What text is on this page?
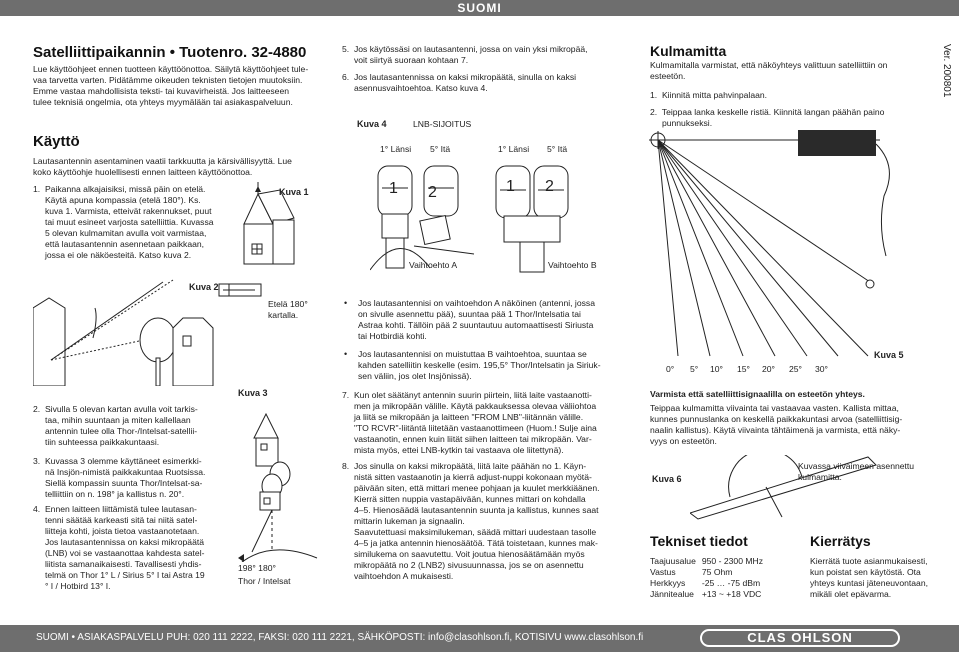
SUOMI
Satelliittipaikannin • Tuotenro. 32-4880
Lue käyttöohjeet ennen tuotteen käyttöönottoa. Säilytä käyttöohjeet tule-
vaa tarvetta varten. Pidätämme oikeuden teknisten tietojen muutoksiin.
Emme vastaa mahdollisista teksti- tai kuvavirheistä. Jos laitteeseen
tulee teknisiä ongelmia, ota yhteys myymälään tai asiakaspalveluun.
Käyttö
Lautasantennin asentaminen vaatii tarkkuutta ja kärsivällisyyttä. Lue
koko käyttöohje huolellisesti ennen laitteen käyttöönottoa.
1.  Paikanna alkajaisiksi, missä päin on etelä.
Käytä apuna kompassia (etelä 180°). Ks.
kuva 1. Varmista, etteivät rakennukset, puut
tai muut esineet varjosta satelliittia. Kuvassa
5 olevan kulmamitan avulla voit varmistaa,
että lautasantennin asennetaan paikkaan,
jossa ei ole näköesteitä. Katso kuva 2.
Kuva 1
Kuva 2
Etelä 180°
kartalla.
2.  Sivulla 5 olevan kartan avulla voit tarkis-
taa, mihin suuntaan ja miten kallellaan
antennin tulee olla Thor-/Intelsat-satellii-
tiin suhteessa paikkakuntaasi.
3.  Kuvassa 3 olemme käyttäneet esimerkki-
nä Insjön-nimistä paikkakuntaa Ruotsissa.
Siellä kompassin suunta Thor/Intelsat-sa-
telliittiin on n. 198° ja kallistus n. 20°.
4.  Ennen laitteen liittämistä tulee lautasan-
tenni säätää karkeasti sitä tai niitä satel-
liitteja kohti, joista tietoa vastaanotetaan.
Jos lautasantennissa on kaksi mikropäätä
(LNB) voi se vastaanottaa kahdesta satel-
liitista samanaikaisesti. Tavallisesti yhdis-
telmä on Thor 1° L / Sirius 5° I tai Astra 19
° I / Hotbird 13° I.
Kuva 3
198° 180°
Thor / Intelsat
5.  Jos käytössäsi on lautasantenni, jossa on vain yksi mikropää,
voit siirtyä suoraan kohtaan 7.
6.  Jos lautasantennissa on kaksi mikropäätä, sinulla on kaksi
asennusvaihtoehtoa. Katso kuva 4.
Kuva 4	LNB-SIJOITUS
1° Länsi 5° Itä	1° Länsi 5° Itä
1 2	1 2
Vaihtoehto A	Vaihtoehto B
• Jos lautasantennisi on vaihtoehdon A näköinen (antenni, jossa
on sivulle asennettu pää), suuntaa pää 1 Thor/Intelsatia tai
Astraa kohti. Tällöin pää 2 suuntautuu automaattisesti Siriusta
tai Hotbirdiä kohti.
• Jos lautasantennisi on muistuttaa B vaihtoehtoa, suuntaa se
kahden satelliitin keskelle (esim. 195,5° Thor/Intelsatin ja Siriuk-
sen väliin, jos olet Insjönissä).
7.  Kun olet säätänyt antennin suurin piirtein, liitä laite vastaanotti-
men ja mikropään välille. Käytä pakkauksessa olevaa väliiohtoa
ja liitä se mikropään ja laitteen "FROM LNB"-liitännän välille.
"TO RCVR"-liitäntä liitetään vastaanottimeen (Huom.! Sulje aina
vastaanotin, ennen kuin liität siihen laitteen tai mikropään. Var-
mista myös, ettei LNB-kytkin tai vastaava ole liitettynä).
8.  Jos sinulla on kaksi mikropäätä, liitä laite päähän no 1. Käyn-
nistä sitten vastaanotin ja kierrä adjust-nuppi kokonaan myötä-
päivään siten, että mittari menee pohjaan ja kuulet merkkiäänen.
Kierrä sitten nuppia vastapäivään, kunnes mittari on kohdalla
4–5. Hienosäädä lautasantennin suunta ja kallistus, kunnes saat
mittarin lukeman ja signaalin.
Saavutettuasi maksimilukeman, säädä mittari uudestaan tasolle
4–5 ja jatka antennin hienosäätöä. Tätä toistetaan, kunnes mak-
similukema on saavutettu. Voit joutua hienosäätämään myös
mikropäätä no 2 (LNB2) sivusuunnassa, jos se on asennettu
vaihtoehdon A mukaisesti.
Kulmamitta
Kulmamitalla varmistat, että näköyhteys valittuun satelliittiin on
esteetön.
1.  Kiinnitä mitta pahvinpalaan.
2.  Teippaa lanka keskelle ristiä. Kiinnitä langan päähän paino
punnukseksi.
Ver. 200801
0° 5° 10° 15° 20° 25° 30°
Kuva 5
Varmista että satelliittisignaalilla on esteetön yhteys.
Teippaa kulmamitta viivainta tai vastaavaa vasten. Kallista mittaa,
kunnes punnuslanka on keskellä paikkakuntasi arvoa (satelliittisig-
naalin kallistus). Käytä viivainta tähtäimenä ja varmista, että näky-
vyys on esteetön.
Kuva 6
Kuvassa viivaimeen asennettu
kulmamitta.
Tekniset tiedot
Taajuusalue	950 - 2300 MHz
Vastus	75 Ohm
Herkkyys	-25 … -75 dBm
Jännitealue	+13 ~ +18 VDC
Kierrätys
Kierrätä tuote asianmukaisesti,
kun poistat sen käytöstä. Ota
yhteys kuntasi jäteneuvontaan,
mikäli olet epävarma.
SUOMI • ASIAKASPALVELU PUH: 020 111 2222, FAKSI: 020 111 2221, SÄHKÖPOSTI: info@clasohlson.fi, KOTISIVU www.clasohlson.fi	CLAS OHLSON
